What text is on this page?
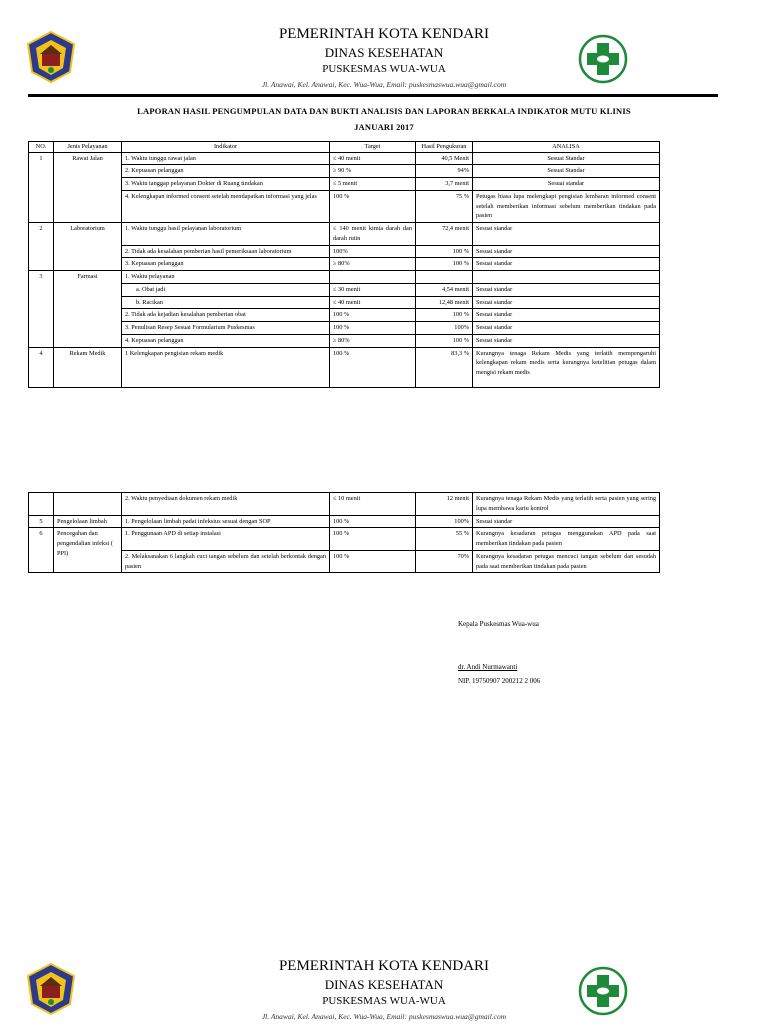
PEMERINTAH KOTA KENDARI
DINAS KESEHATAN
PUSKESMAS WUA-WUA
Jl. Anawai, Kel. Anawai, Kec. Wua-Wua, Email: puskesmaswua.wua@gmail.com
LAPORAN HASIL PENGUMPULAN DATA DAN BUKTI ANALISIS DAN LAPORAN BERKALA INDIKATOR MUTU KLINIS
JANUARI 2017
NO.	Jenis Pelayanan	Indikator	Target	Hasil Pengukuran	ANALISA
1	Rawat Jalan	1. Waktu tunggu rawat jalan	≤ 40 menit	40,5 Menit	Sesuai Standar
		2. Kepuasan pelanggan	≥ 90 %	94%	Sesuai Standar
		3. Waktu tanggap pelayanan Dokter di Ruang tindakan	≤ 5 menit	3,7 menit	Sesuai standar
		4. Kelengkapan informed consent setelah mendapatkan informasi yang jelas	100 %	75 %	Petugas biasa lupa melengkapi pengisian lembaran informed consent setelah memberikan informasi sebelum memberikan tindakan pada pasien
2	Laboratorium	1. Waktu tunggu hasil pelayanan laboratorium	≤ 140 menit kimia darah dan darah rutin	72,4 menit	Sesuai standar
		2. Tidak ada kesalahan pemberian hasil pemeriksaan laboratorium	100%	100 %	Sesuai standar
		3. Kepuasan pelanggan	≥ 80%	100 %	Sesuai standar
3	Farmasi	1. Waktu pelayanan			
		a. Obat jadi	≤ 30 menit	4,54 menit	Sesuai standar
		b. Racikan	≤ 40 menit	12,48 menit	Sesuai standar
		2. Tidak ada kejadian kesalahan pemberian obat	100 %	100 %	Sesuai standar
		3. Penulisan Resep Sesuai Formularium Puskesmas	100 %	100%	Sesuai standar
		4. Kepuasan pelanggan	≥ 80%	100 %	Sesuai standar
4	Rekam Medik	1 Kelengkapan pengisian rekam medik	100 %	83,3 %	Kurangnya tenaga Rekam Medis yang terlatih mempengaruhi kelengkapan rekam medis serta kurangnya ketelitian petugas dalam mengisi rekam medis
		2. Waktu penyediaan dokumen rekam medik	≤ 10 menit	12 menit	Kurangnya tenaga Rekam Medis yang terlatih serta pasien yang sering lupa membawa kartu kontrol
5	Pengelolaan limbah	1. Pengelolaan limbah padat infeksius sesuai dengan SOP	100 %	100%	Sesuai standar
6	Pencegahan dan pengendalian infeksi ( PPI)	1. Penggunaan APD di setiap instalasi	100 %	55 %	Kurangnya kesadaran petugas menggunakan APD pada saat memberikan tindakan pada pasien
		2. Melaksanakan 6 langkah cuci tangan sebelum dan setelah berkontak dengan pasien	100 %	70%	Kurangnya kesadaran petugas mencuci tangan sebelum dan sesudah pada saat memberikan tindakan pada pasien
Kepala Puskesmas Wua-wua
dr. Andi Nurmawanti
NIP. 19750907 200212 2 006
PEMERINTAH KOTA KENDARI
DINAS KESEHATAN
PUSKESMAS WUA-WUA
Jl. Anawai, Kel. Anawai, Kec. Wua-Wua, Email: puskesmaswua.wua@gmail.com
